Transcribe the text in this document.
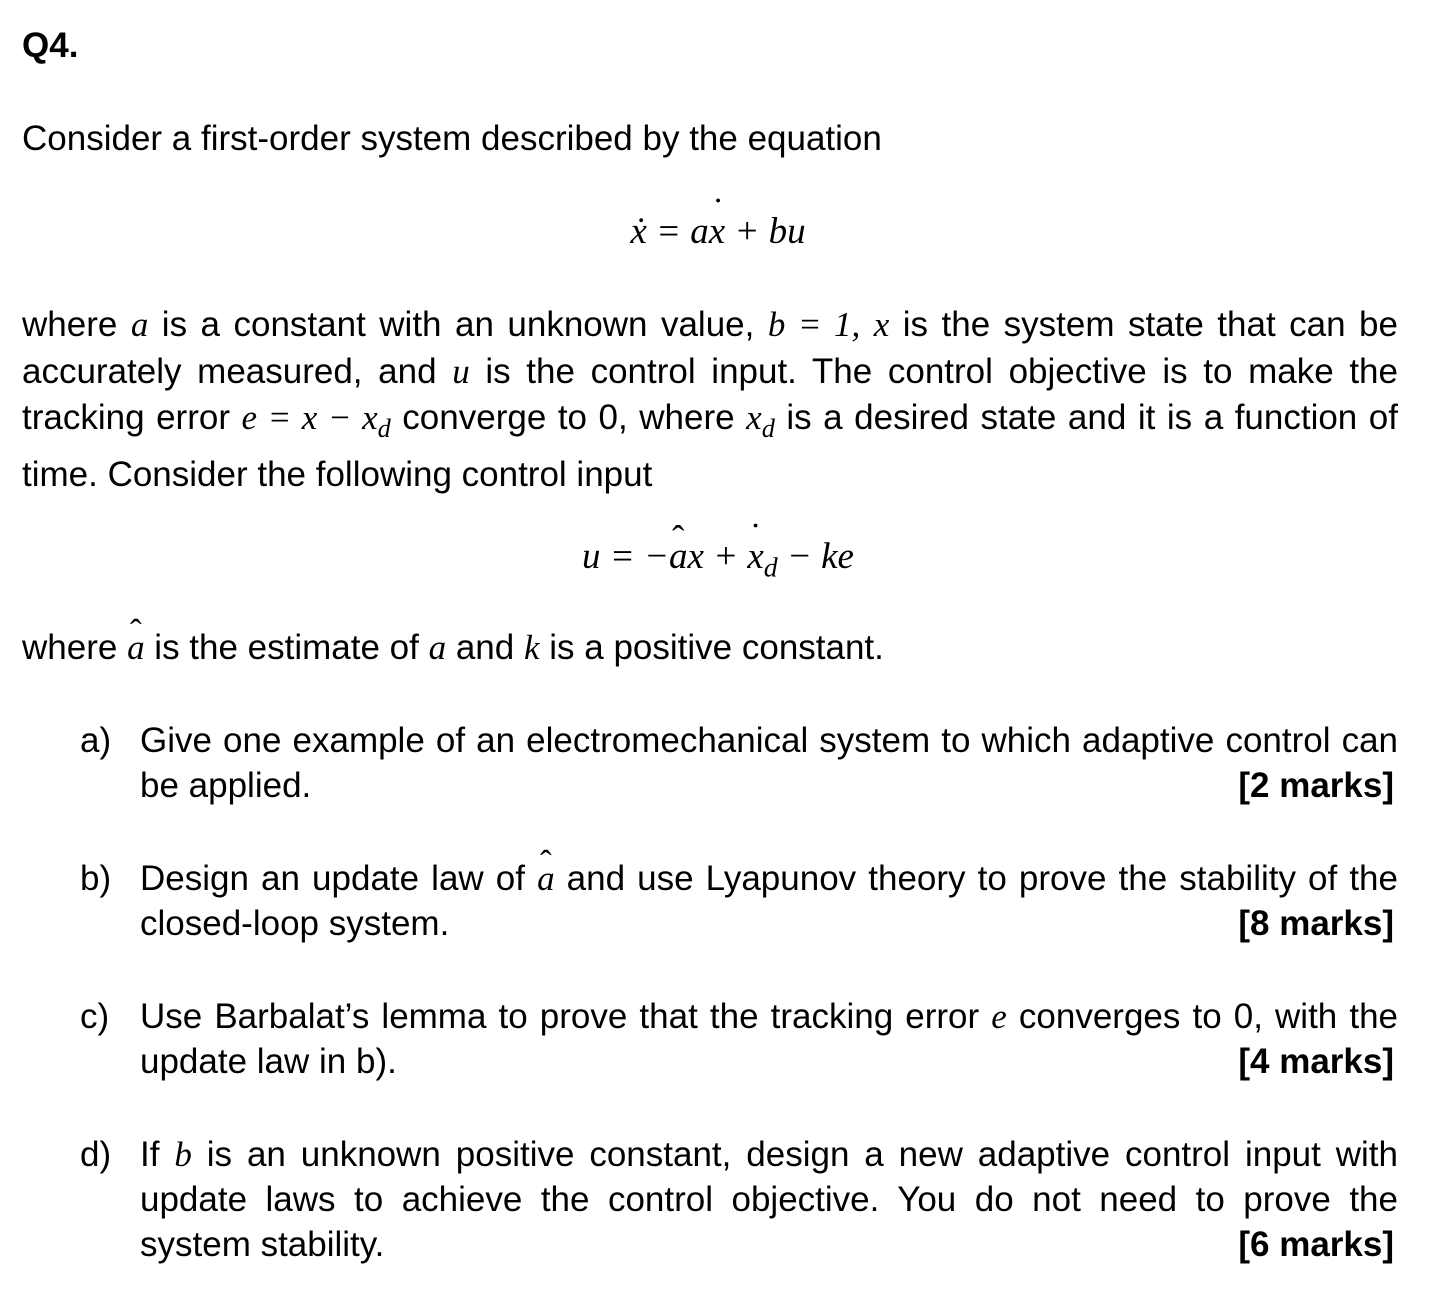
Q4.
Consider a first-order system described by the equation
ẋ = ax + bu ˙
where a is a constant with an unknown value, b = 1, x is the system state that can be accurately measured, and u is the control input. The control objective is to make the tracking error $e = x - x_d$ converge to 0, where $x_d$ is a desired state and it is a function of time. Consider the following control input
u = −a ˆx + x $˙_d$ − ke
where a ˆ is the estimate of a and k is a positive constant.
a) Give one example of an electromechanical system to which adaptive control can be applied.	[2 marks]
b) Design an update law of a ˆ and use Lyapunov theory to prove the stability of the closed-loop system.	[8 marks]
c) Use Barbalat’s lemma to prove that the tracking error e converges to 0, with the update law in b).	[4 marks]
d) If b is an unknown positive constant, design a new adaptive control input with update laws to achieve the control objective. You do not need to prove the system stability.	[6 marks]
